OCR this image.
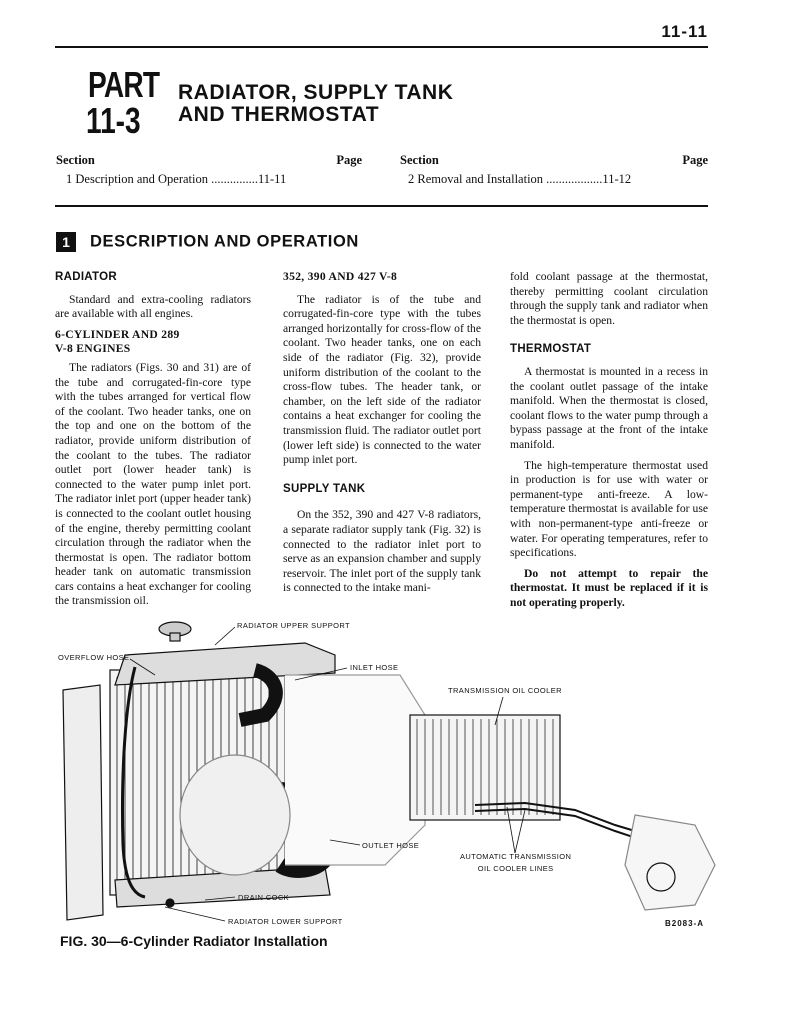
11-11
PART
11-3
RADIATOR, SUPPLY TANK
AND THERMOSTAT
Section	Page
1 Description and Operation ...............11-11
Section	Page
2 Removal and Installation ..................11-12
1 DESCRIPTION AND OPERATION
RADIATOR

Standard and extra-cooling radiators are available with all engines.

6-CYLINDER AND 289
V-8 ENGINES

The radiators (Figs. 30 and 31) are of the tube and corrugated-fin-core type with the tubes arranged for vertical flow of the coolant. Two header tanks, one on the top and one on the bottom of the radiator, provide uniform distribution of the coolant to the tubes. The radiator outlet port (lower header tank) is connected to the water pump inlet port. The radiator inlet port (upper header tank) is connected to the coolant outlet housing of the engine, thereby permitting coolant circulation through the radiator when the thermostat is open. The radiator bottom header tank on automatic transmission cars contains a heat exchanger for cooling the transmission oil.

352, 390 AND 427 V-8

The radiator is of the tube and corrugated-fin-core type with the tubes arranged horizontally for cross-flow of the coolant. Two header tanks, one on each side of the radiator (Fig. 32), provide uniform distribution of the coolant to the cross-flow tubes. The header tank, or chamber, on the left side of the radiator contains a heat exchanger for cooling the transmission fluid. The radiator outlet port (lower left side) is connected to the water pump inlet port.

SUPPLY TANK

On the 352, 390 and 427 V-8 radiators, a separate radiator supply tank (Fig. 32) is connected to the radiator inlet port to serve as an expansion chamber and supply reservoir. The inlet port of the supply tank is connected to the intake mani-

fold coolant passage at the thermostat, thereby permitting coolant circulation through the supply tank and radiator when the thermostat is open.

THERMOSTAT

A thermostat is mounted in a recess in the coolant outlet passage of the intake manifold. When the thermostat is closed, coolant flows to the water pump through a bypass passage at the front of the intake manifold.

The high-temperature thermostat used in production is for use with water or permanent-type anti-freeze. A low-temperature thermostat is available for use with non-permanent-type anti-freeze or water. For operating temperatures, refer to specifications.

Do not attempt to repair the thermostat. It must be replaced if it is not operating properly.

RADIATOR UPPER SUPPORT
OVERFLOW HOSE
INLET HOSE
TRANSMISSION OIL COOLER
OUTLET HOSE
AUTOMATIC TRANSMISSION
OIL COOLER LINES
DRAIN COCK
RADIATOR LOWER SUPPORT	B2083-A
FIG. 30—6-Cylinder Radiator Installation
